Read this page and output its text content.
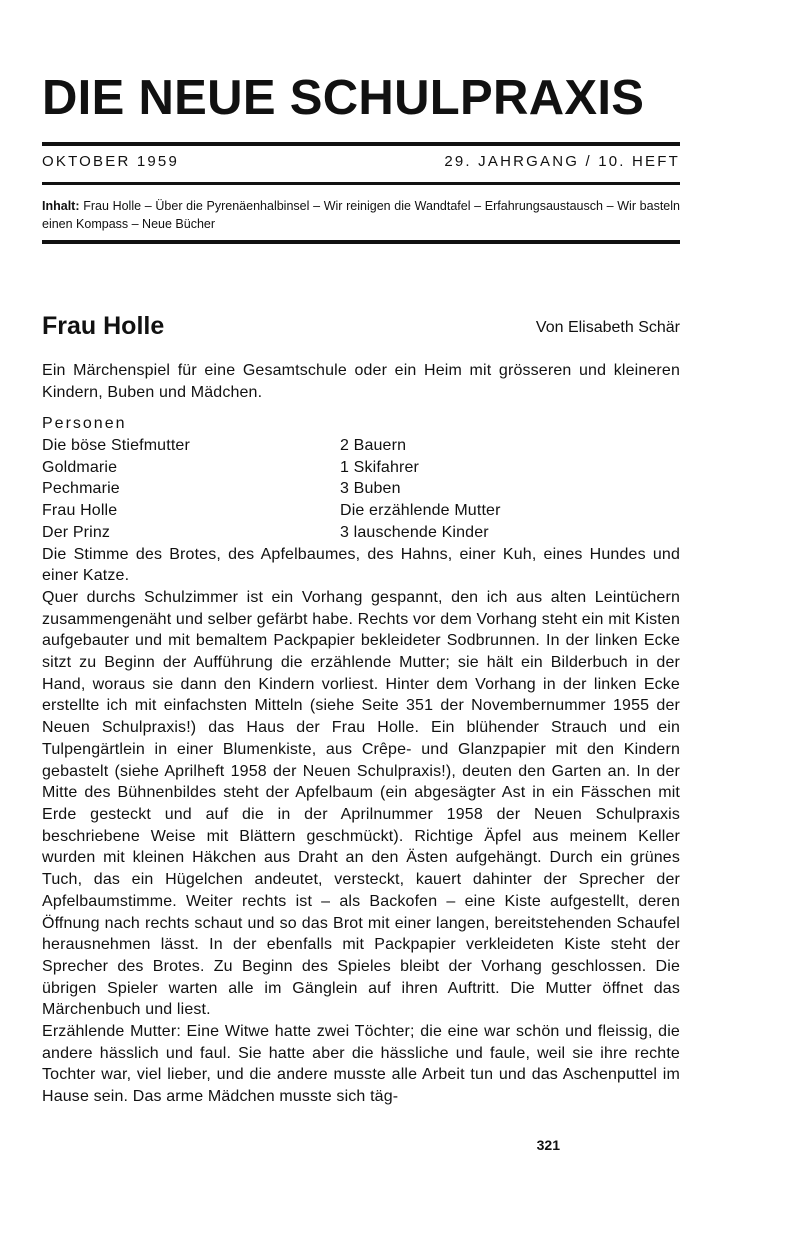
DIE NEUE SCHULPRAXIS
OKTOBER 1959	29. JAHRGANG / 10. HEFT
Inhalt: Frau Holle – Über die Pyrenäenhalbinsel – Wir reinigen die Wandtafel – Erfahrungsaustausch – Wir basteln einen Kompass – Neue Bücher
Frau Holle	Von Elisabeth Schär

Ein Märchenspiel für eine Gesamtschule oder ein Heim mit grösseren und kleineren Kindern, Buben und Mädchen.

Personen

Die böse Stiefmutter	2 Bauern
Goldmarie	1 Skifahrer
Pechmarie	3 Buben
Frau Holle	Die erzählende Mutter
Der Prinz	3 lauschende Kinder

Die Stimme des Brotes, des Apfelbaumes, des Hahns, einer Kuh, eines Hundes und einer Katze.

Quer durchs Schulzimmer ist ein Vorhang gespannt, den ich aus alten Leintüchern zusammengenäht und selber gefärbt habe. Rechts vor dem Vorhang steht ein mit Kisten aufgebauter und mit bemaltem Packpapier bekleideter Sodbrunnen. In der linken Ecke sitzt zu Beginn der Aufführung die erzählende Mutter; sie hält ein Bilderbuch in der Hand, woraus sie dann den Kindern vorliest. Hinter dem Vorhang in der linken Ecke erstellte ich mit einfachsten Mitteln (siehe Seite 351 der Novembernummer 1955 der Neuen Schulpraxis!) das Haus der Frau Holle. Ein blühender Strauch und ein Tulpengärtlein in einer Blumenkiste, aus Crêpe- und Glanzpapier mit den Kindern gebastelt (siehe Aprilheft 1958 der Neuen Schulpraxis!), deuten den Garten an. In der Mitte des Bühnenbildes steht der Apfelbaum (ein abgesägter Ast in ein Fässchen mit Erde gesteckt und auf die in der Aprilnummer 1958 der Neuen Schulpraxis beschriebene Weise mit Blättern geschmückt). Richtige Äpfel aus meinem Keller wurden mit kleinen Häkchen aus Draht an den Ästen aufgehängt. Durch ein grünes Tuch, das ein Hügelchen andeutet, versteckt, kauert dahinter der Sprecher der Apfelbaumstimme. Weiter rechts ist – als Backofen – eine Kiste aufgestellt, deren Öffnung nach rechts schaut und so das Brot mit einer langen, bereitstehenden Schaufel herausnehmen lässt. In der ebenfalls mit Packpapier verkleideten Kiste steht der Sprecher des Brotes. Zu Beginn des Spieles bleibt der Vorhang geschlossen. Die übrigen Spieler warten alle im Gänglein auf ihren Auftritt. Die Mutter öffnet das Märchenbuch und liest.

Erzählende Mutter: Eine Witwe hatte zwei Töchter; die eine war schön und fleissig, die andere hässlich und faul. Sie hatte aber die hässliche und faule, weil sie ihre rechte Tochter war, viel lieber, und die andere musste alle Arbeit tun und das Aschenputtel im Hause sein. Das arme Mädchen musste sich täg-

321
